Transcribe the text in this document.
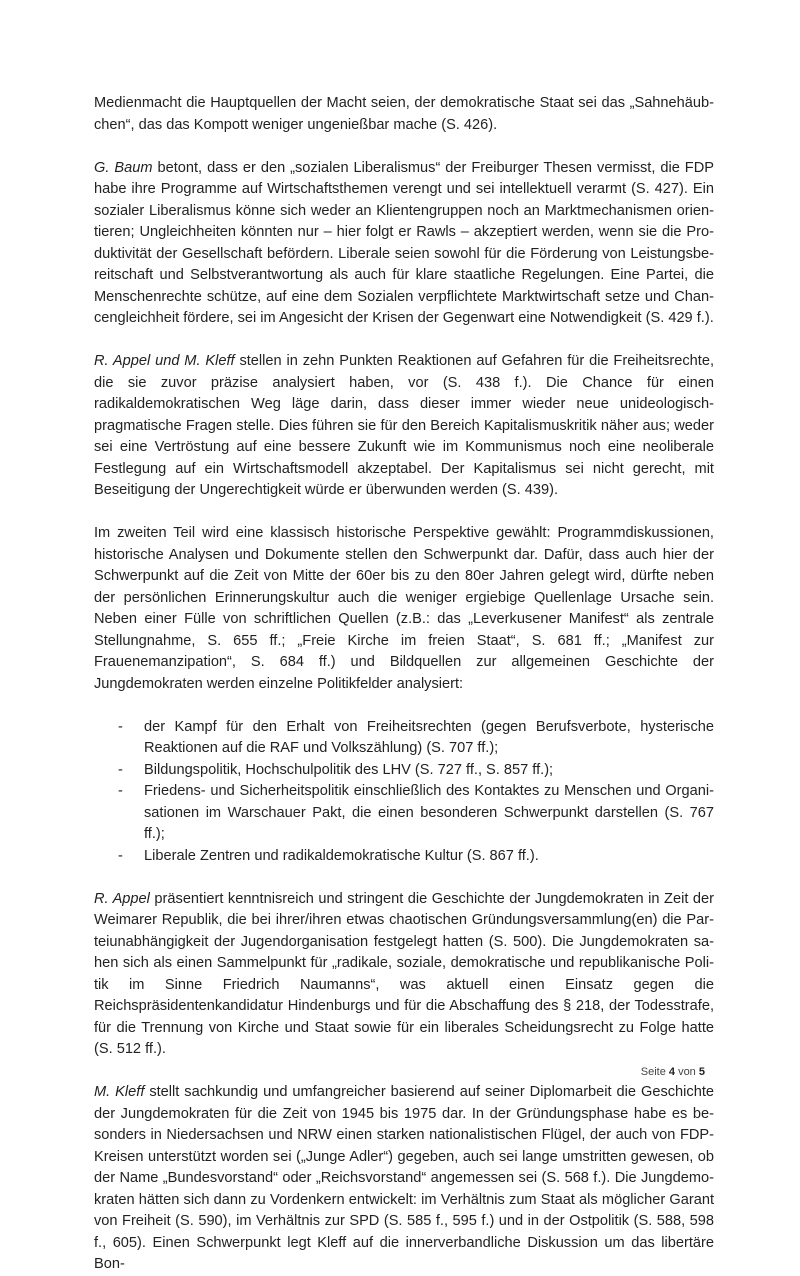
Medienmacht die Hauptquellen der Macht seien, der demokratische Staat sei das „Sahnehäubchen“, das das Kompott weniger ungenießbar mache (S. 426).

G. Baum betont, dass er den „sozialen Liberalismus“ der Freiburger Thesen vermisst, die FDP habe ihre Programme auf Wirtschaftsthemen verengt und sei intellektuell verarmt (S. 427). Ein sozialer Liberalismus könne sich weder an Klientengruppen noch an Marktmechanismen orientieren; Ungleichheiten könnten nur – hier folgt er Rawls – akzeptiert werden, wenn sie die Produktivität der Gesellschaft befördern. Liberale seien sowohl für die Förderung von Leistungsbereitschaft und Selbstverantwortung als auch für klare staatliche Regelungen. Eine Partei, die Menschenrechte schütze, auf eine dem Sozialen verpflichtete Marktwirtschaft setze und Chancengleichheit fördere, sei im Angesicht der Krisen der Gegenwart eine Notwendigkeit (S. 429 f.).

R. Appel und M. Kleff stellen in zehn Punkten Reaktionen auf Gefahren für die Freiheitsrechte, die sie zuvor präzise analysiert haben, vor (S. 438 f.). Die Chance für einen radikaldemokratischen Weg läge darin, dass dieser immer wieder neue unideologisch-pragmatische Fragen stelle. Dies führen sie für den Bereich Kapitalismuskritik näher aus; weder sei eine Vertröstung auf eine bessere Zukunft wie im Kommunismus noch eine neoliberale Festlegung auf ein Wirtschaftsmodell akzeptabel. Der Kapitalismus sei nicht gerecht, mit Beseitigung der Ungerechtigkeit würde er überwunden werden (S. 439).

Im zweiten Teil wird eine klassisch historische Perspektive gewählt: Programmdiskussionen, historische Analysen und Dokumente stellen den Schwerpunkt dar. Dafür, dass auch hier der Schwerpunkt auf die Zeit von Mitte der 60er bis zu den 80er Jahren gelegt wird, dürfte neben der persönlichen Erinnerungskultur auch die weniger ergiebige Quellenlage Ursache sein. Neben einer Fülle von schriftlichen Quellen (z.B.: das „Leverkusener Manifest“ als zentrale Stellungnahme, S. 655 ff.; „Freie Kirche im freien Staat“, S. 681 ff.; „Manifest zur Frauenemanzipation“, S. 684 ff.) und Bildquellen zur allgemeinen Geschichte der Jungdemokraten werden einzelne Politikfelder analysiert:

- der Kampf für den Erhalt von Freiheitsrechten (gegen Berufsverbote, hysterische Reaktionen auf die RAF und Volkszählung) (S. 707 ff.);
- Bildungspolitik, Hochschulpolitik des LHV (S. 727 ff., S. 857 ff.);
- Friedens- und Sicherheitspolitik einschließlich des Kontaktes zu Menschen und Organisationen im Warschauer Pakt, die einen besonderen Schwerpunkt darstellen (S. 767 ff.);
- Liberale Zentren und radikaldemokratische Kultur (S. 867 ff.).

R. Appel präsentiert kenntnisreich und stringent die Geschichte der Jungdemokraten in Zeit der Weimarer Republik, die bei ihrer/ihren etwas chaotischen Gründungsversammlung(en) die Parteiunabhängigkeit der Jugendorganisation festgelegt hatten (S. 500). Die Jungdemokraten sahen sich als einen Sammelpunkt für „radikale, soziale, demokratische und republikanische Politik im Sinne Friedrich Naumanns“, was aktuell einen Einsatz gegen die Reichspräsidentenkandidatur Hindenburgs und für die Abschaffung des § 218, der Todesstrafe, für die Trennung von Kirche und Staat sowie für ein liberales Scheidungsrecht zu Folge hatte (S. 512 ff.).

M. Kleff stellt sachkundig und umfangreicher basierend auf seiner Diplomarbeit die Geschichte der Jungdemokraten für die Zeit von 1945 bis 1975 dar. In der Gründungsphase habe es besonders in Niedersachsen und NRW einen starken nationalistischen Flügel, der auch von FDP-Kreisen unterstützt worden sei („Junge Adler“) gegeben, auch sei lange umstritten gewesen, ob der Name „Bundesvorstand“ oder „Reichsvorstand“ angemessen sei (S. 568 f.). Die Jungdemokraten hätten sich dann zu Vordenkern entwickelt: im Verhältnis zum Staat als möglicher Garant von Freiheit (S. 590), im Verhältnis zur SPD (S. 585 f., 595 f.) und in der Ostpolitik (S. 588, 598 f., 605). Einen Schwerpunkt legt Kleff auf die innerverbandliche Diskussion um das libertäre Bon-

Seite 4 von 5
